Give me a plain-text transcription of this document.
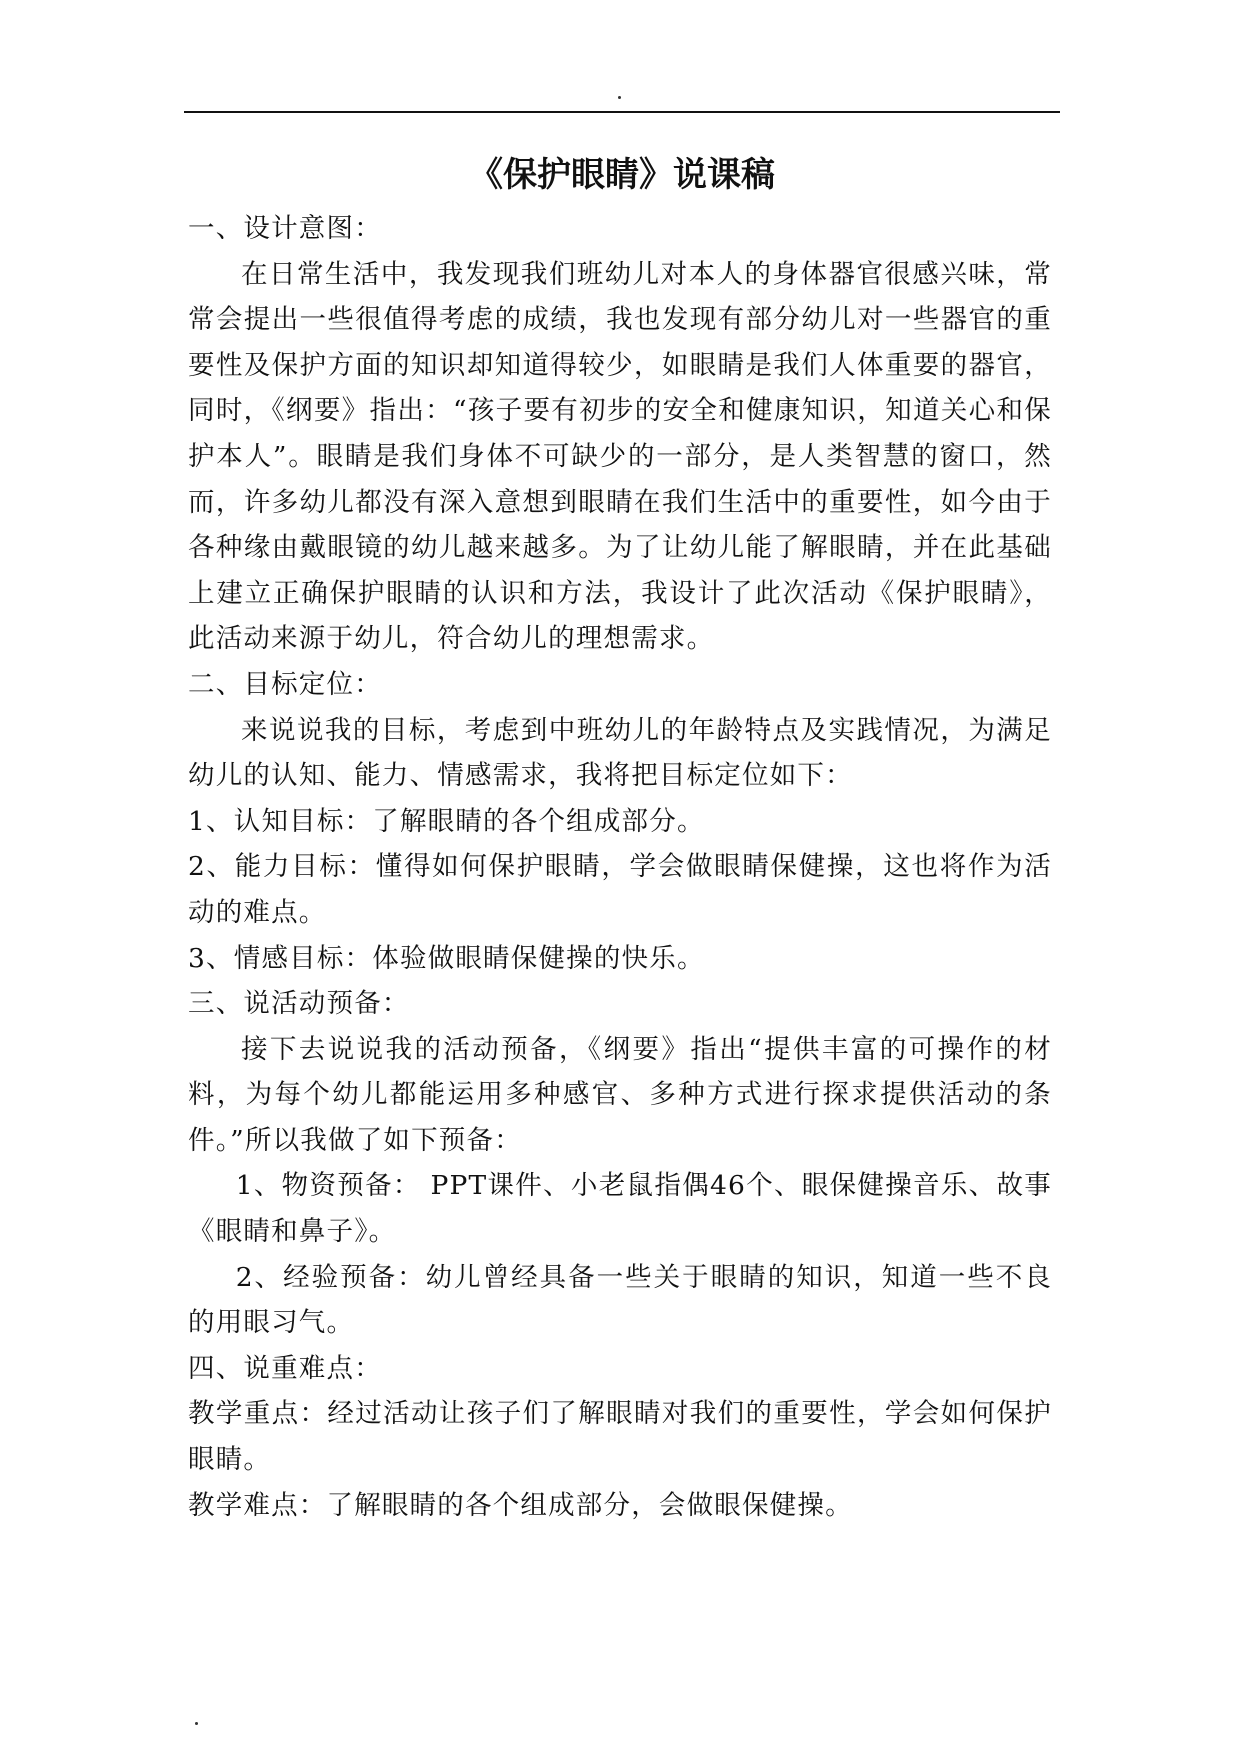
《保护眼睛》说课稿

一、设计意图：

在日常生活中，我发现我们班幼儿对本人的身体器官很感兴味，常常会提出一些很值得考虑的成绩，我也发现有部分幼儿对一些器官的重要性及保护方面的知识却知道得较少，如眼睛是我们人体重要的器官，同时，《纲要》指出：“孩子要有初步的安全和健康知识，知道关心和保护本人”。眼睛是我们身体不可缺少的一部分，是人类智慧的窗口，然而，许多幼儿都没有深入意想到眼睛在我们生活中的重要性，如今由于各种缘由戴眼镜的幼儿越来越多。为了让幼儿能了解眼睛，并在此基础上建立正确保护眼睛的认识和方法，我设计了此次活动《保护眼睛》，此活动来源于幼儿，符合幼儿的理想需求。

二、目标定位：

来说说我的目标，考虑到中班幼儿的年龄特点及实践情况，为满足幼儿的认知、能力、情感需求，我将把目标定位如下：

1、认知目标：了解眼睛的各个组成部分。

2、能力目标：懂得如何保护眼睛，学会做眼睛保健操，这也将作为活动的难点。

3、情感目标：体验做眼睛保健操的快乐。

三、说活动预备：

接下去说说我的活动预备，《纲要》指出“提供丰富的可操作的材料，为每个幼儿都能运用多种感官、多种方式进行探求提供活动的条件。”所以我做了如下预备：

1、物资预备： PPT课件、小老鼠指偶46个、眼保健操音乐、故事《眼睛和鼻子》。

2、经验预备：幼儿曾经具备一些关于眼睛的知识，知道一些不良的用眼习气。

四、说重难点：

教学重点：经过活动让孩子们了解眼睛对我们的重要性，学会如何保护眼睛。

教学难点：了解眼睛的各个组成部分，会做眼保健操。
